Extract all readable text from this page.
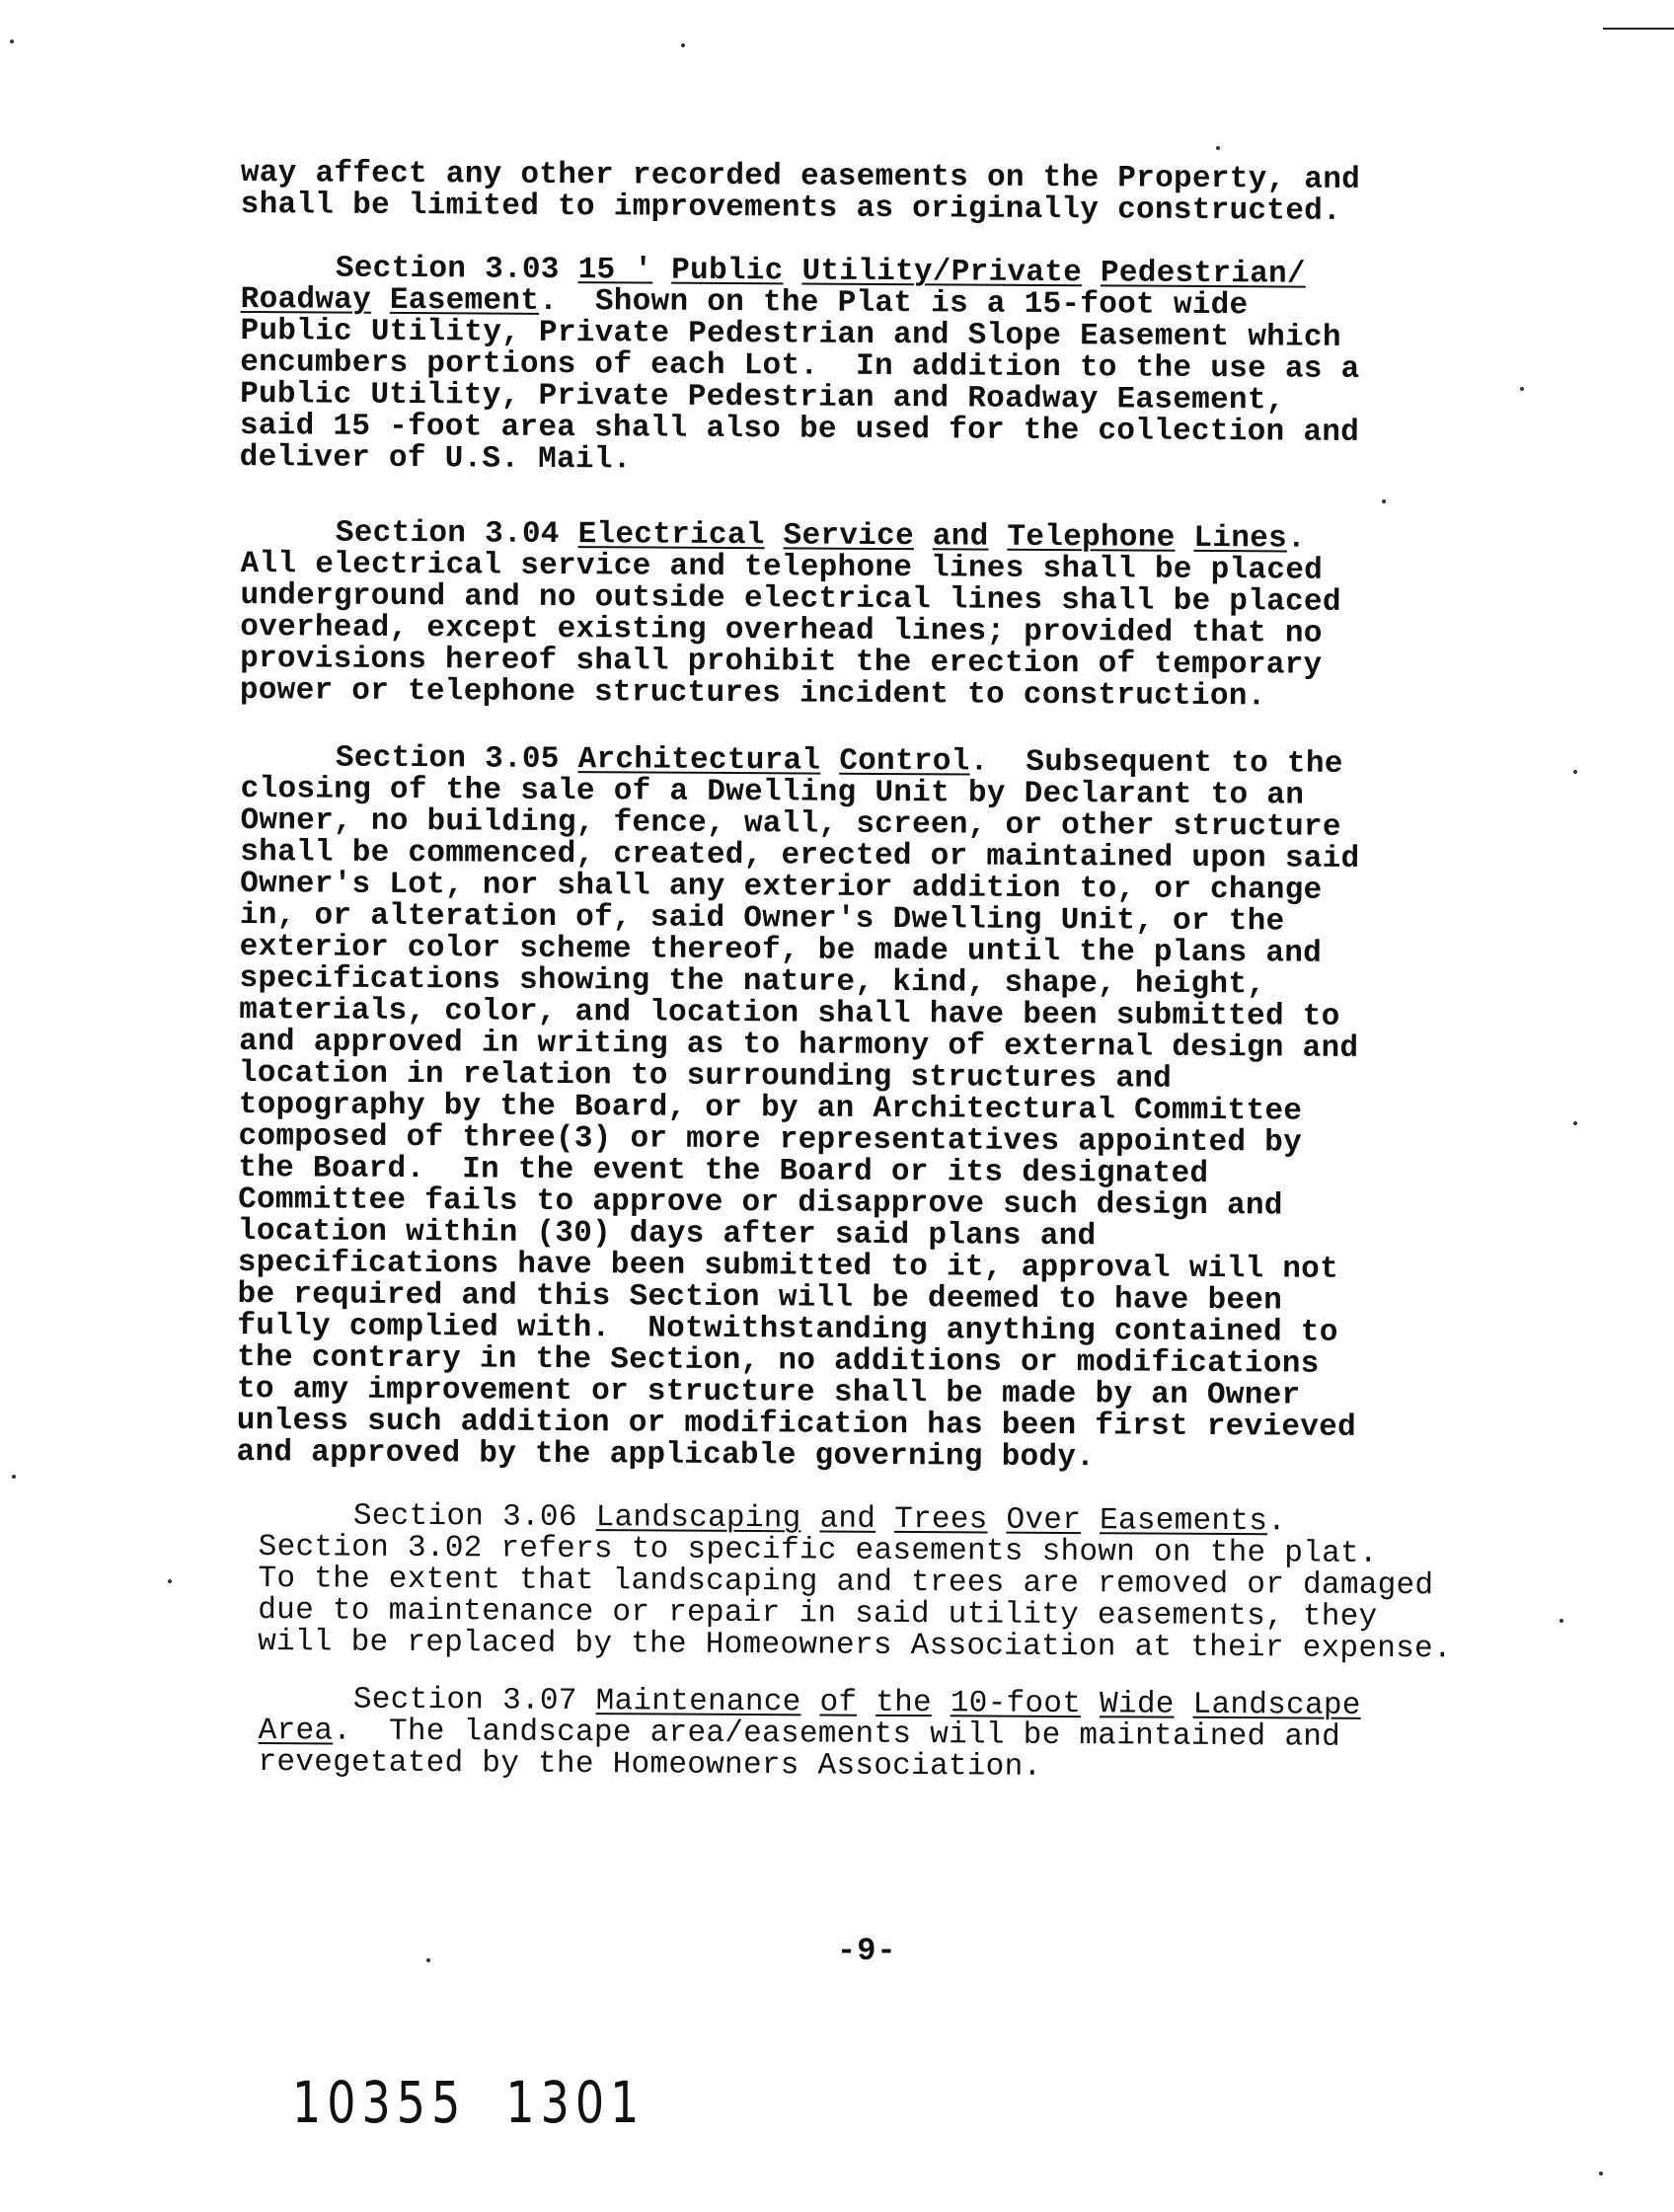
way affect any other recorded easements on the Property, and
shall be limited to improvements as originally constructed.
Section 3.03 15 ' Public Utility/Private Pedestrian/
Roadway Easement.  Shown on the Plat is a 15-foot wide
Public Utility, Private Pedestrian and Slope Easement which
encumbers portions of each Lot.  In addition to the use as a
Public Utility, Private Pedestrian and Roadway Easement,
said 15 -foot area shall also be used for the collection and
deliver of U.S. Mail.
Section 3.04 Electrical Service and Telephone Lines.
All electrical service and telephone lines shall be placed
underground and no outside electrical lines shall be placed
overhead, except existing overhead lines; provided that no
provisions hereof shall prohibit the erection of temporary
power or telephone structures incident to construction.
Section 3.05 Architectural Control.  Subsequent to the
closing of the sale of a Dwelling Unit by Declarant to an
Owner, no building, fence, wall, screen, or other structure
shall be commenced, created, erected or maintained upon said
Owner's Lot, nor shall any exterior addition to, or change
in, or alteration of, said Owner's Dwelling Unit, or the
exterior color scheme thereof, be made until the plans and
specifications showing the nature, kind, shape, height,
materials, color, and location shall have been submitted to
and approved in writing as to harmony of external design and
location in relation to surrounding structures and
topography by the Board, or by an Architectural Committee
composed of three(3) or more representatives appointed by
the Board.  In the event the Board or its designated
Committee fails to approve or disapprove such design and
location within (30) days after said plans and
specifications have been submitted to it, approval will not
be required and this Section will be deemed to have been
fully complied with.  Notwithstanding anything contained to
the contrary in the Section, no additions or modifications
to amy improvement or structure shall be made by an Owner
unless such addition or modification has been first revieved
and approved by the applicable governing body.
Section 3.06 Landscaping and Trees Over Easements.
Section 3.02 refers to specific easements shown on the plat.
To the extent that landscaping and trees are removed or damaged
due to maintenance or repair in said utility easements, they
will be replaced by the Homeowners Association at their expense.
Section 3.07 Maintenance of the 10-foot Wide Landscape
Area.  The landscape area/easements will be maintained and
revegetated by the Homeowners Association.
-9-
10355 1301
